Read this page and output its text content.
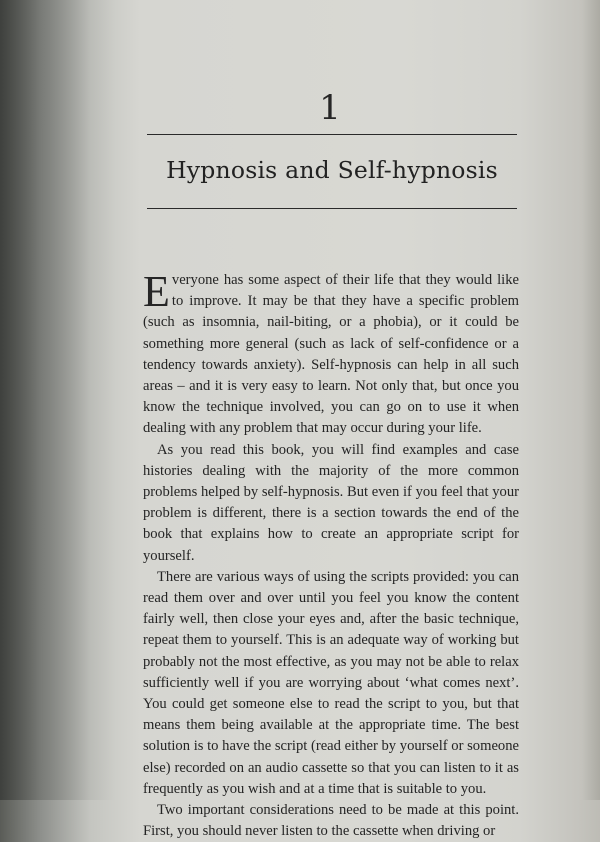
1
Hypnosis and Self-hypnosis

Everyone has some aspect of their life that they would like to improve. It may be that they have a specific problem (such as insomnia, nail-biting, or a phobia), or it could be something more general (such as lack of self-confidence or a tendency towards anxiety). Self-hypnosis can help in all such areas – and it is very easy to learn. Not only that, but once you know the technique involved, you can go on to use it when dealing with any problem that may occur during your life.

As you read this book, you will find examples and case histories dealing with the majority of the more common problems helped by self-hypnosis. But even if you feel that your problem is different, there is a section towards the end of the book that explains how to create an appropriate script for yourself.

There are various ways of using the scripts provided: you can read them over and over until you feel you know the content fairly well, then close your eyes and, after the basic technique, repeat them to yourself. This is an adequate way of working but probably not the most effective, as you may not be able to relax sufficiently well if you are worrying about ‘what comes next’. You could get someone else to read the script to you, but that means them being available at the appropriate time. The best solution is to have the script (read either by yourself or someone else) recorded on an audio cassette so that you can listen to it as frequently as you wish and at a time that is suitable to you.

Two important considerations need to be made at this point. First, you should never listen to the cassette when driving or
